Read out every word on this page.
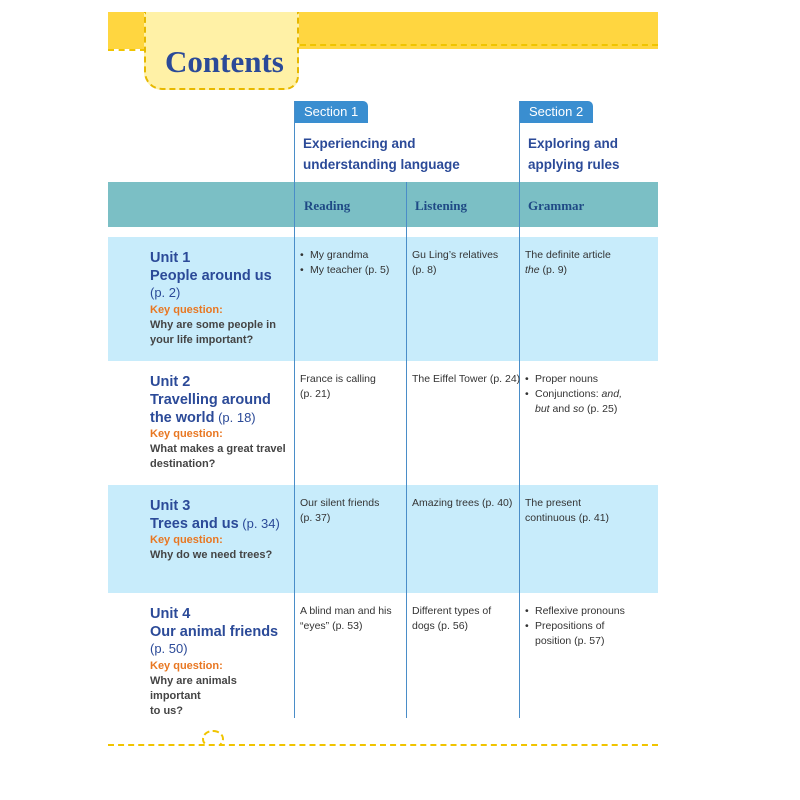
Contents
Section 1
Experiencing and
understanding language
Section 2
Exploring and
applying rules
Reading	Listening	Grammar
Unit 1
People around us
(p. 2)
Key question:
Why are some people in
your life important?
• My grandma
• My teacher (p. 5)
Gu Ling’s relatives
(p. 8)
The definite article
the (p. 9)
Unit 2
Travelling around
the world (p. 18)
Key question:
What makes a great travel
destination?
France is calling
(p. 21)
The Eiffel Tower (p. 24)
•	Proper nouns
• Conjunctions: and,
but and so (p. 25)
Unit 3
Trees and us (p. 34)
Key question:
Why do we need trees?
Our silent friends
(p. 37)
Amazing trees (p. 40) The present
continuous (p. 41)
Unit 4
Our animal friends
(p. 50)
Key question:
Why are animals important
to us?
A blind man and his
“eyes” (p. 53)
Different types of
dogs (p. 56)
• Reflexive pronouns
• Prepositions of
position (p. 57)
